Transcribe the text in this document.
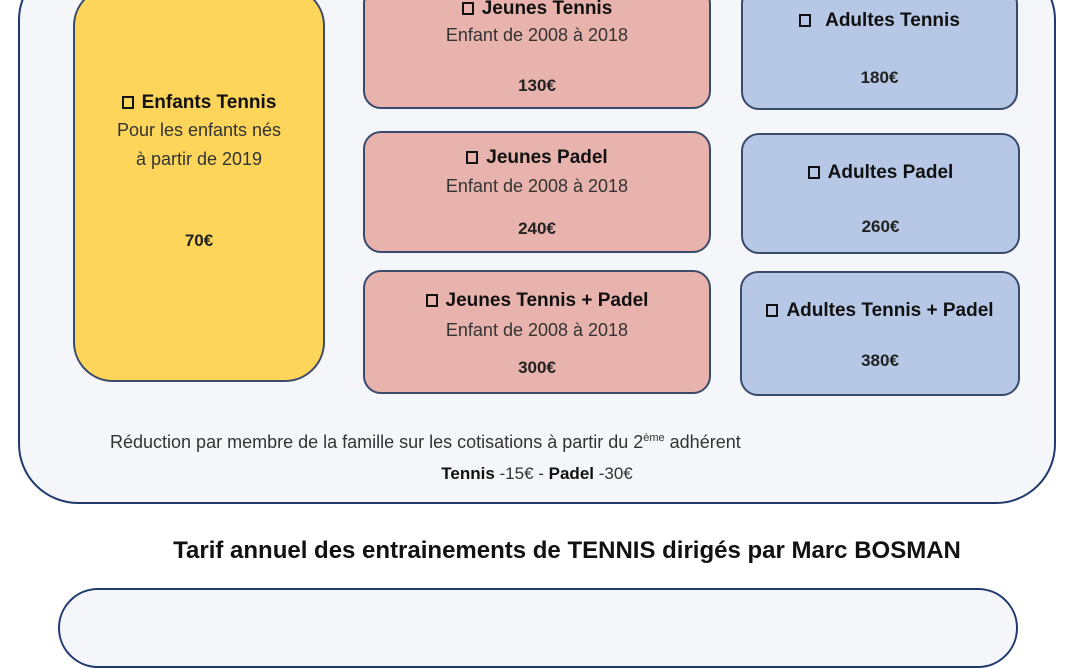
Enfants Tennis
Pour les enfants nés
à partir de 2019
70€
Jeunes Tennis
Enfant de 2008 à 2018
130€
Jeunes Padel
Enfant de 2008 à 2018
240€
Jeunes Tennis + Padel
Enfant de 2008 à 2018
300€
Adultes Tennis
180€
Adultes Padel
260€
Adultes Tennis + Padel
380€
Réduction par membre de la famille sur les cotisations à partir du 2ème adhérent
Tennis -15€ - Padel -30€
Tarif annuel des entrainements de TENNIS dirigés par Marc BOSMAN
